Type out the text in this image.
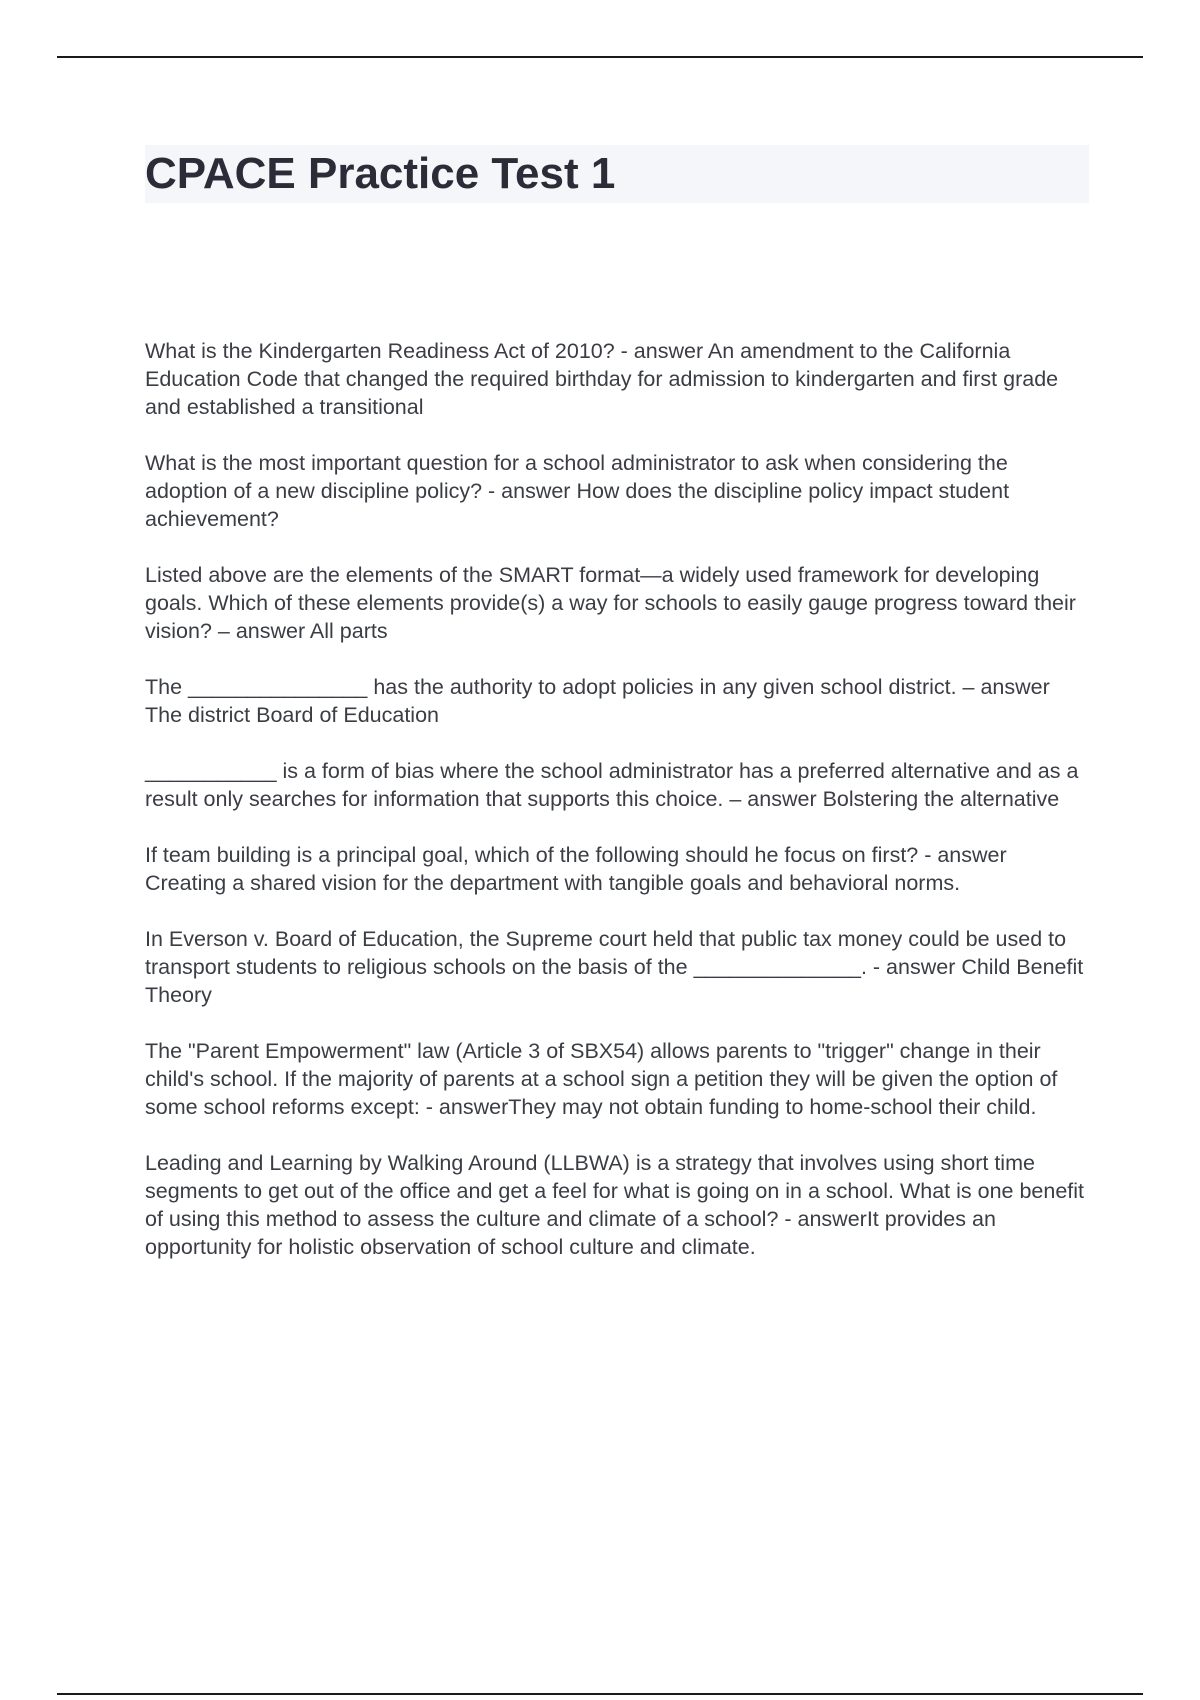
CPACE Practice Test 1

What is the Kindergarten Readiness Act of 2010? - answer An amendment to the California Education Code that changed the required birthday for admission to kindergarten and first grade and established a transitional

What is the most important question for a school administrator to ask when considering the adoption of a new discipline policy? - answer How does the discipline policy impact student achievement?

Listed above are the elements of the SMART format—a widely used framework for developing goals. Which of these elements provide(s) a way for schools to easily gauge progress toward their vision? – answer All parts

The _______________ has the authority to adopt policies in any given school district. – answer The district Board of Education

___________ is a form of bias where the school administrator has a preferred alternative and as a result only searches for information that supports this choice. – answer Bolstering the alternative

If team building is a principal goal, which of the following should he focus on first? - answer Creating a shared vision for the department with tangible goals and behavioral norms.

In Everson v. Board of Education, the Supreme court held that public tax money could be used to transport students to religious schools on the basis of the ______________. - answer Child Benefit Theory

The "Parent Empowerment" law (Article 3 of SBX54) allows parents to "trigger" change in their child's school. If the majority of parents at a school sign a petition they will be given the option of some school reforms except: - answerThey may not obtain funding to home-school their child.

Leading and Learning by Walking Around (LLBWA) is a strategy that involves using short time segments to get out of the office and get a feel for what is going on in a school. What is one benefit of using this method to assess the culture and climate of a school? - answerIt provides an opportunity for holistic observation of school culture and climate.
